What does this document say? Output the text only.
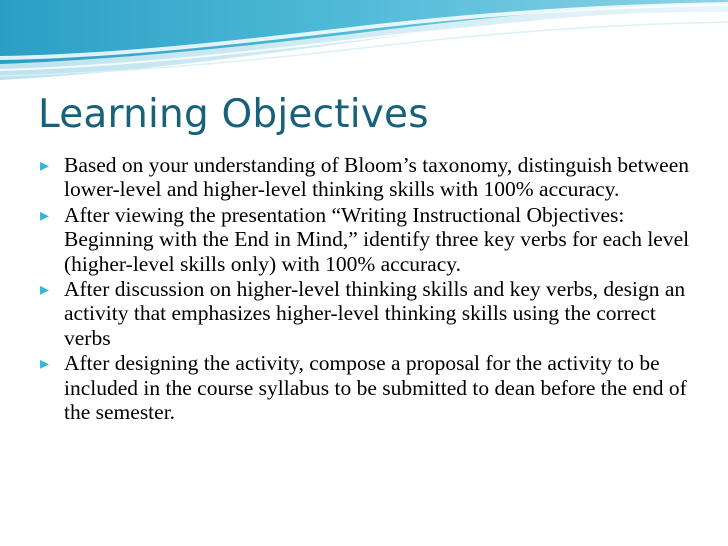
Learning Objectives
▸ Based on your understanding of Bloom’s taxonomy, distinguish between lower-level and higher-level thinking skills with 100% accuracy.
▸ After viewing the presentation “Writing Instructional Objectives: Beginning with the End in Mind,” identify three key verbs for each level (higher-level skills only) with 100% accuracy.
▸ After discussion on higher-level thinking skills and key verbs, design an activity that emphasizes higher-level thinking skills using the correct verbs
▸ After designing the activity, compose a proposal for the activity to be included in the course syllabus to be submitted to dean before the end of the semester.
